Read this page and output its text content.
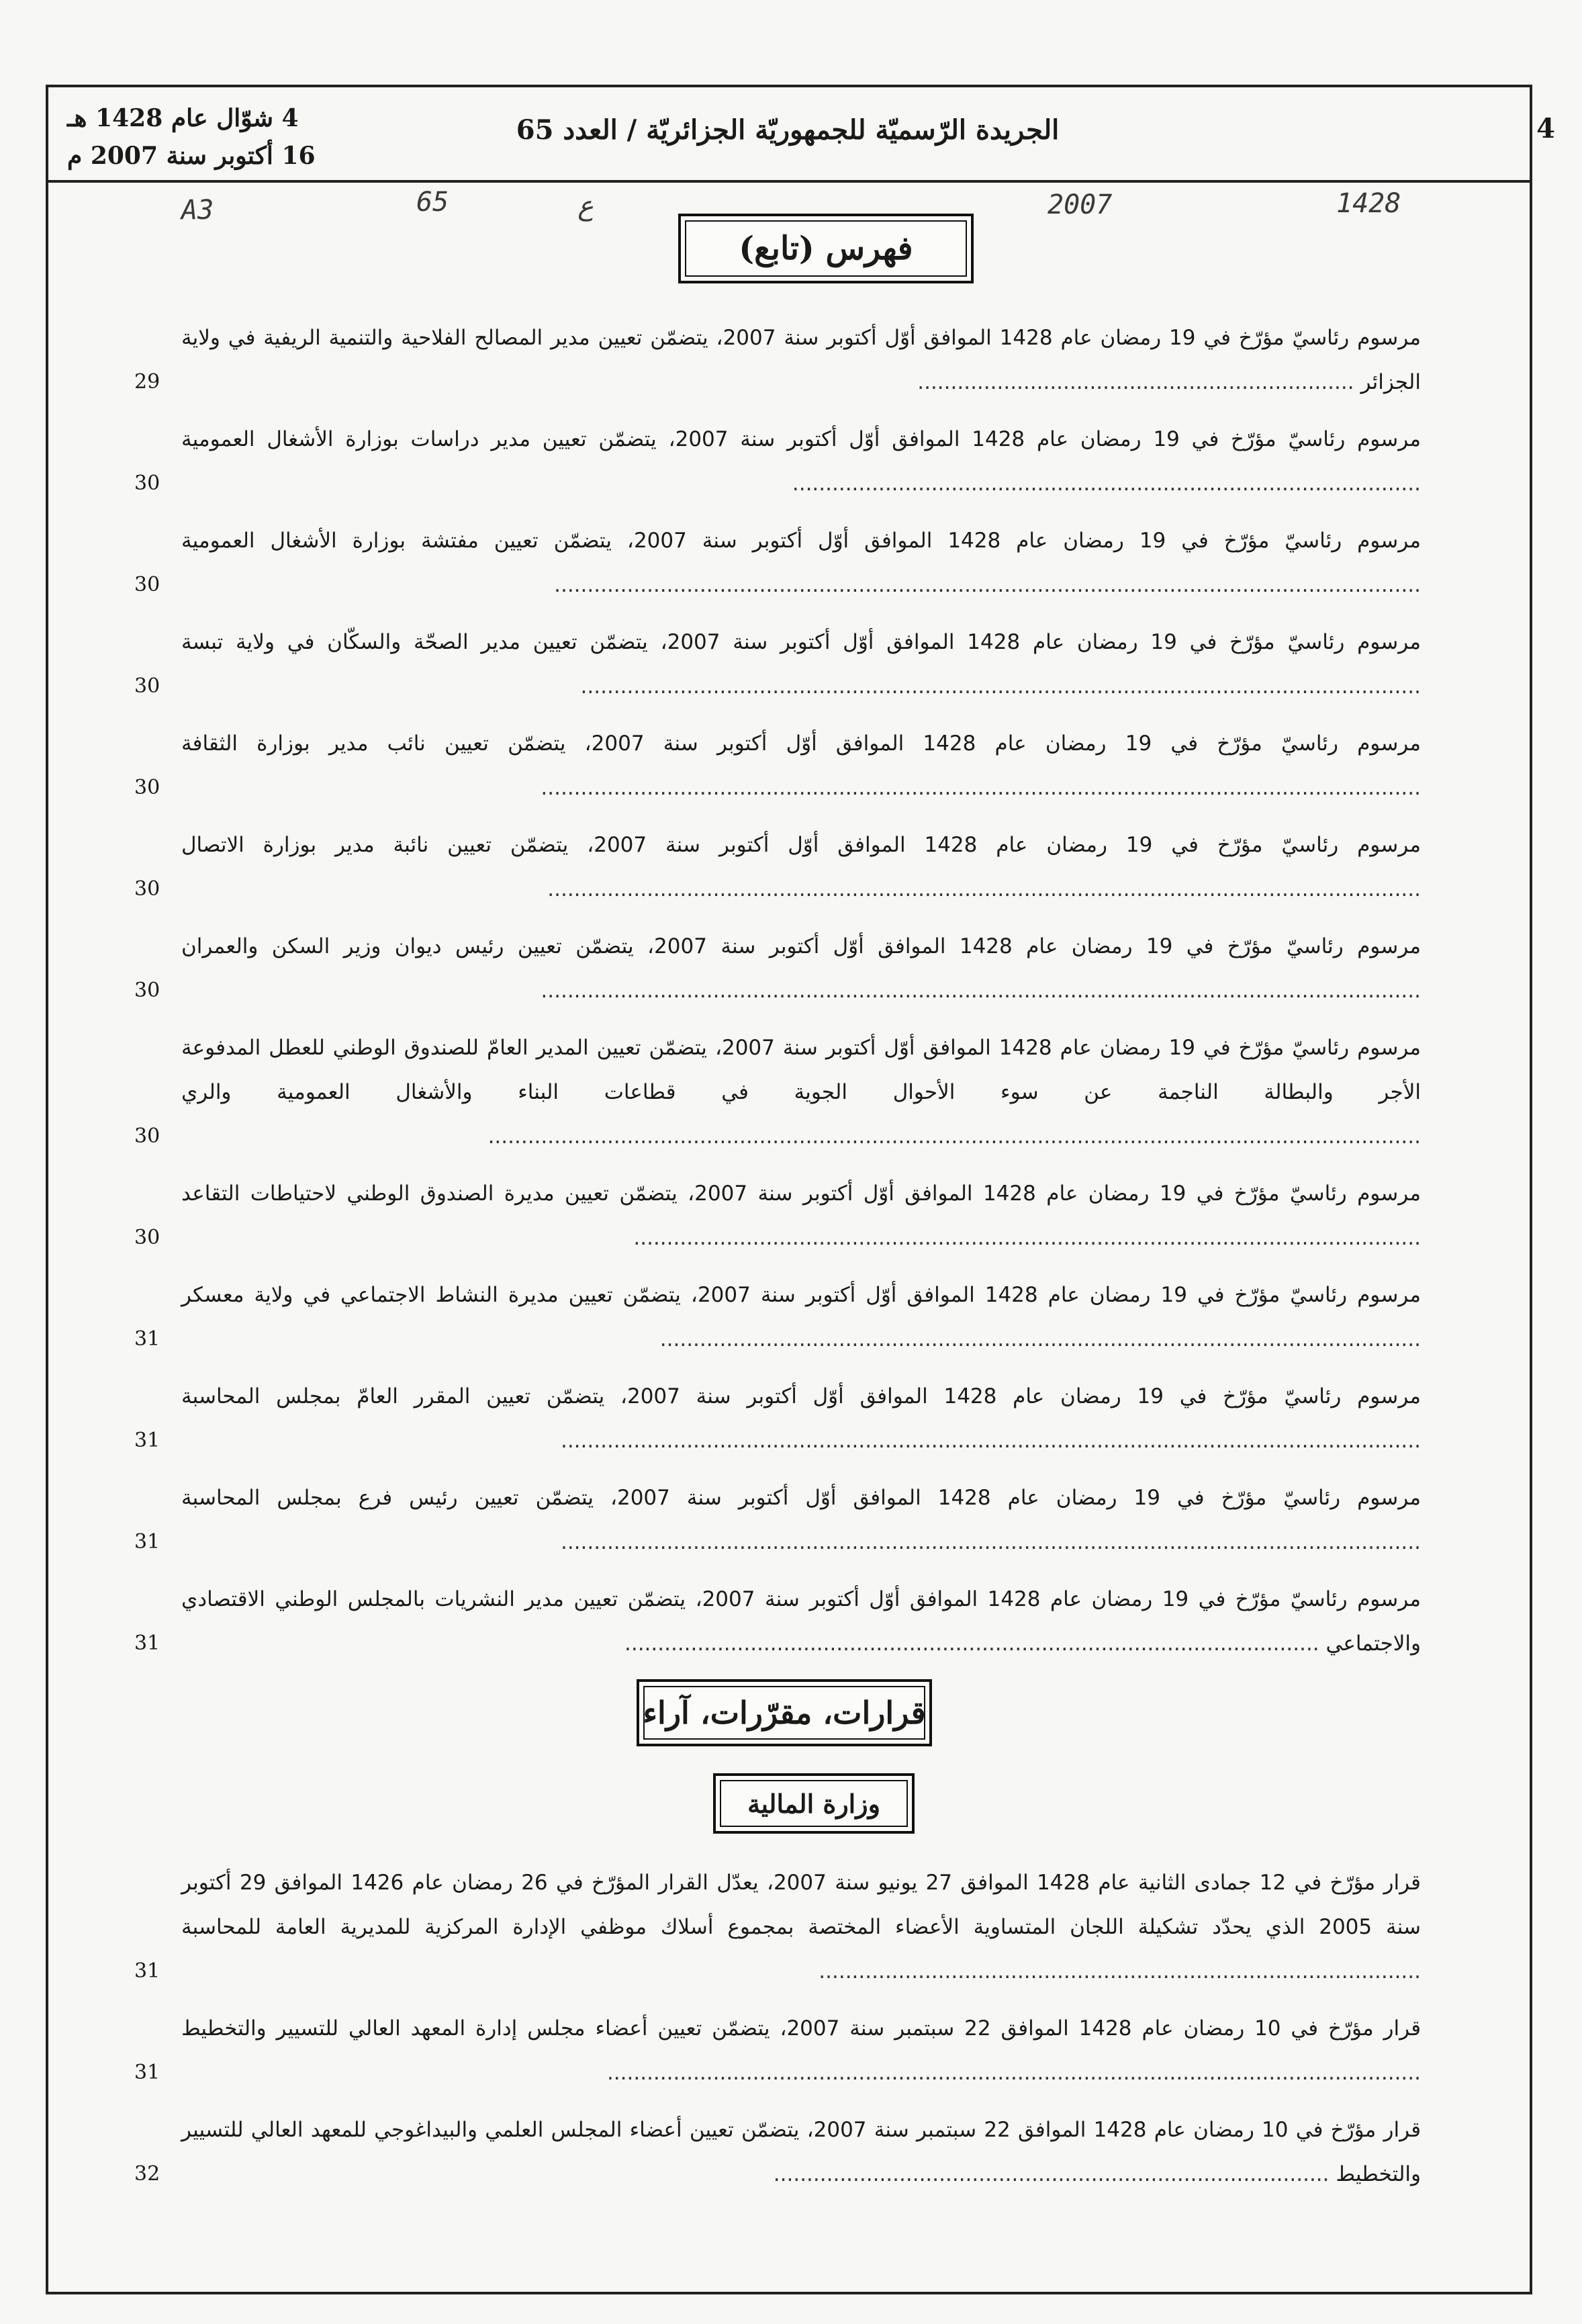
4
الجريدة الرّسميّة للجمهوريّة الجزائريّة / العدد 65
4 شوّال عام 1428 هـ
16 أكتوبر سنة 2007 م
A3	65	ع	2007	1428
فهرس (تابع)
مرسوم رئاسيّ مؤرّخ في 19 رمضان عام 1428 الموافق أوّل أكتوبر سنة 2007، يتضمّن تعيين مدير المصالح الفلاحية والتنمية الريفية في ولاية الجزائر ..................................................................
29
مرسوم رئاسيّ مؤرّخ في 19 رمضان عام 1428 الموافق أوّل أكتوبر سنة 2007، يتضمّن تعيين مدير دراسات بوزارة الأشغال العمومية ...............................................................................................
30
مرسوم رئاسيّ مؤرّخ في 19 رمضان عام 1428 الموافق أوّل أكتوبر سنة 2007، يتضمّن تعيين مفتشة بوزارة الأشغال العمومية ...................................................................................................................................
30
مرسوم رئاسيّ مؤرّخ في 19 رمضان عام 1428 الموافق أوّل أكتوبر سنة 2007، يتضمّن تعيين مدير الصحّة والسكّان في ولاية تبسة ...............................................................................................................................
30
مرسوم رئاسيّ مؤرّخ في 19 رمضان عام 1428 الموافق أوّل أكتوبر سنة 2007، يتضمّن تعيين نائب مدير بوزارة الثقافة .....................................................................................................................................
30
مرسوم رئاسيّ مؤرّخ في 19 رمضان عام 1428 الموافق أوّل أكتوبر سنة 2007، يتضمّن تعيين نائبة مدير بوزارة الاتصال ....................................................................................................................................
30
مرسوم رئاسيّ مؤرّخ في 19 رمضان عام 1428 الموافق أوّل أكتوبر سنة 2007، يتضمّن تعيين رئيس ديوان وزير السكن والعمران .....................................................................................................................................
30
مرسوم رئاسيّ مؤرّخ في 19 رمضان عام 1428 الموافق أوّل أكتوبر سنة 2007، يتضمّن تعيين المدير العامّ للصندوق الوطني للعطل المدفوعة الأجر والبطالة الناجمة عن سوء الأحوال الجوية في قطاعات البناء والأشغال العمومية والري .............................................................................................................................................
30
مرسوم رئاسيّ مؤرّخ في 19 رمضان عام 1428 الموافق أوّل أكتوبر سنة 2007، يتضمّن تعيين مديرة الصندوق الوطني لاحتياطات التقاعد .......................................................................................................................
30
مرسوم رئاسيّ مؤرّخ في 19 رمضان عام 1428 الموافق أوّل أكتوبر سنة 2007، يتضمّن تعيين مديرة النشاط الاجتماعي في ولاية معسكر ...................................................................................................................
31
مرسوم رئاسيّ مؤرّخ في 19 رمضان عام 1428 الموافق أوّل أكتوبر سنة 2007، يتضمّن تعيين المقرر العامّ بمجلس المحاسبة ..................................................................................................................................
31
مرسوم رئاسيّ مؤرّخ في 19 رمضان عام 1428 الموافق أوّل أكتوبر سنة 2007، يتضمّن تعيين رئيس فرع بمجلس المحاسبة ..................................................................................................................................
31
مرسوم رئاسيّ مؤرّخ في 19 رمضان عام 1428 الموافق أوّل أكتوبر سنة 2007، يتضمّن تعيين مدير النشريات بالمجلس الوطني الاقتصادي والاجتماعي .........................................................................................................
31
قرارات، مقرّرات، آراء
وزارة المالية
قرار مؤرّخ في 12 جمادى الثانية عام 1428 الموافق 27 يونيو سنة 2007، يعدّل القرار المؤرّخ في 26 رمضان عام 1426 الموافق 29 أكتوبر سنة 2005 الذي يحدّد تشكيلة اللجان المتساوية الأعضاء المختصة بمجموع أسلاك موظفي الإدارة المركزية للمديرية العامة للمحاسبة ...........................................................................................
31
قرار مؤرّخ في 10 رمضان عام 1428 الموافق 22 سبتمبر سنة 2007، يتضمّن تعيين أعضاء مجلس إدارة المعهد العالي للتسيير والتخطيط ...........................................................................................................................
31
قرار مؤرّخ في 10 رمضان عام 1428 الموافق 22 سبتمبر سنة 2007، يتضمّن تعيين أعضاء المجلس العلمي والبيداغوجي للمعهد العالي للتسيير والتخطيط ....................................................................................
32
